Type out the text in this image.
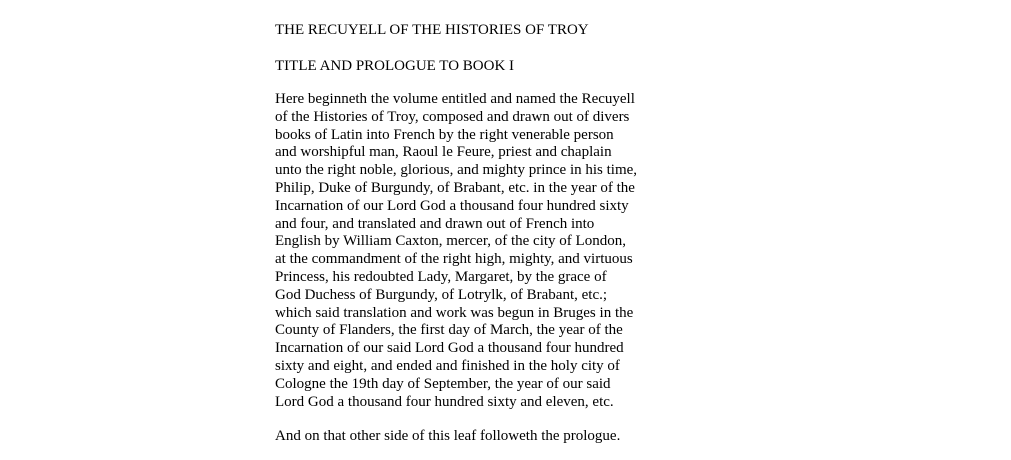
THE RECUYELL OF THE HISTORIES OF TROY

TITLE AND PROLOGUE TO BOOK I

Here beginneth the volume entitled and named the Recuyell
of the Histories of Troy, composed and drawn out of divers
books of Latin into French by the right venerable person
and worshipful man, Raoul le Feure, priest and chaplain
unto the right noble, glorious, and mighty prince in his time,
Philip, Duke of Burgundy, of Brabant, etc. in the year of the
Incarnation of our Lord God a thousand four hundred sixty
and four, and translated and drawn out of French into
English by William Caxton, mercer, of the city of London,
at the commandment of the right high, mighty, and virtuous
Princess, his redoubted Lady, Margaret, by the grace of
God Duchess of Burgundy, of Lotrylk, of Brabant, etc.;
which said translation and work was begun in Bruges in the
County of Flanders, the first day of March, the year of the
Incarnation of our said Lord God a thousand four hundred
sixty and eight, and ended and finished in the holy city of
Cologne the 19th day of September, the year of our said
Lord God a thousand four hundred sixty and eleven, etc.

And on that other side of this leaf followeth the prologue.
